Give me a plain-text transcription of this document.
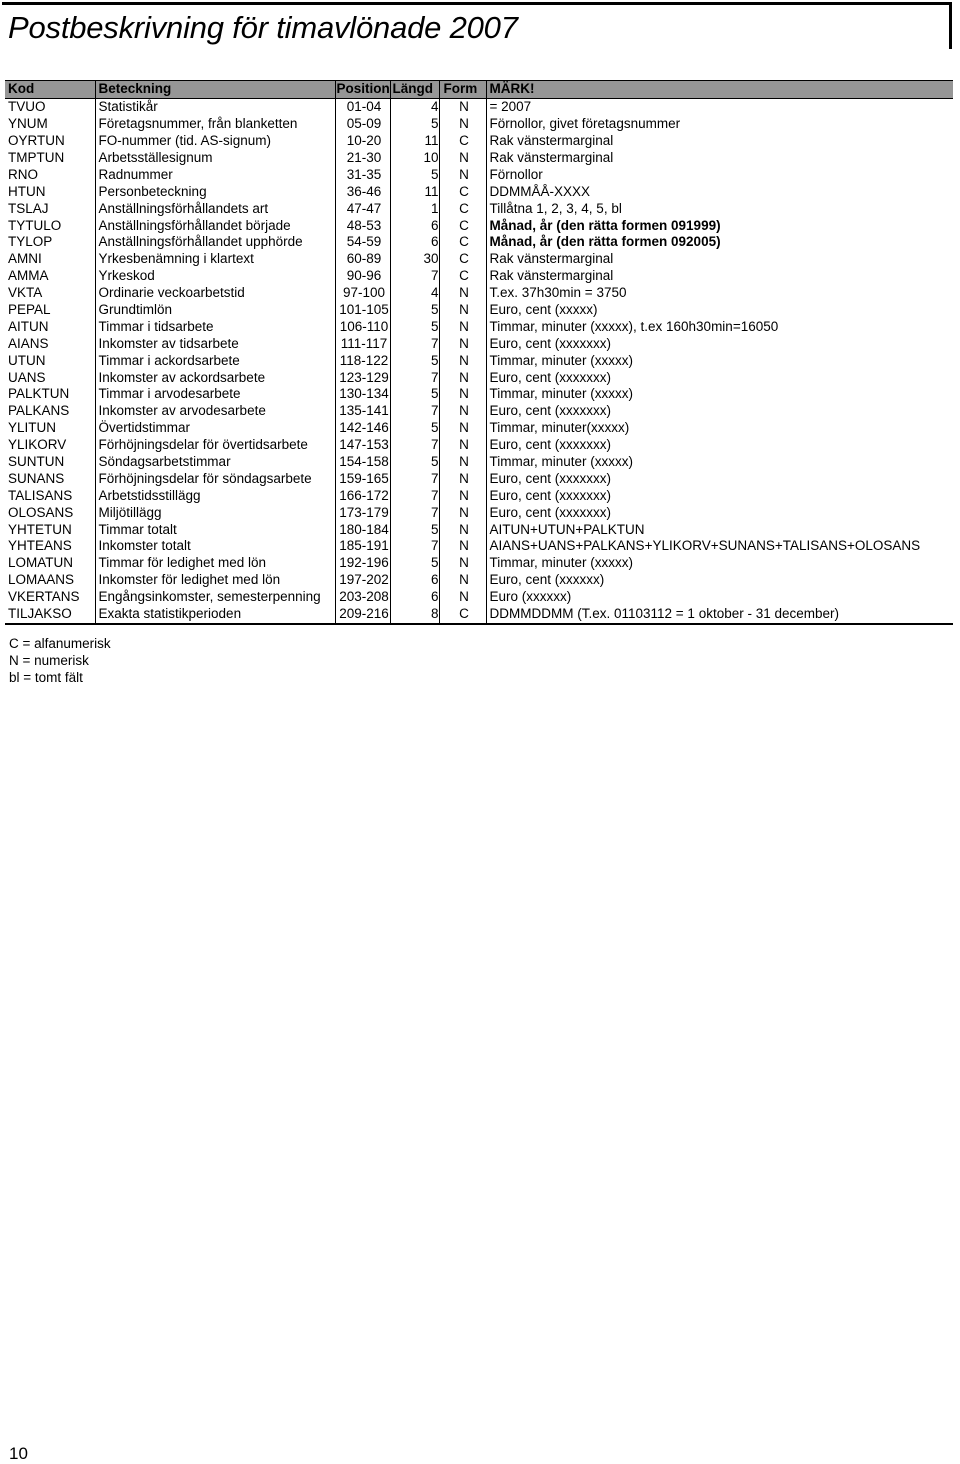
Postbeskrivning för timavlönade 2007
Kod	Beteckning	Position	Längd	Form	MÄRK!
TVUO	Statistikår	01-04	4	N	= 2007
YNUM	Företagsnummer, från blanketten	05-09	5	N	Förnollor, givet företagsnummer
OYRTUN	FO-nummer (tid. AS-signum)	10-20	11	C	Rak vänstermarginal
TMPTUN	Arbetsställesignum	21-30	10	N	Rak vänstermarginal
RNO	Radnummer	31-35	5	N	Förnollor
HTUN	Personbeteckning	36-46	11	C	DDMMÅÅ-XXXX
TSLAJ	Anställningsförhållandets art	47-47	1	C	Tillåtna 1, 2, 3, 4, 5, bl
TYTULO	Anställningsförhållandet började	48-53	6	C	Månad, år (den rätta formen 091999)
TYLOP	Anställningsförhållandet upphörde	54-59	6	C	Månad, år (den rätta formen 092005)
AMNI	Yrkesbenämning i klartext	60-89	30	C	Rak vänstermarginal
AMMA	Yrkeskod	90-96	7	C	Rak vänstermarginal
VKTA	Ordinarie veckoarbetstid	97-100	4	N	T.ex. 37h30min = 3750
PEPAL	Grundtimlön	101-105	5	N	Euro, cent (xxxxx)
AITUN	Timmar i tidsarbete	106-110	5	N	Timmar, minuter (xxxxx), t.ex 160h30min=16050
AIANS	Inkomster av tidsarbete	111-117	7	N	Euro, cent (xxxxxxx)
UTUN	Timmar i ackordsarbete	118-122	5	N	Timmar, minuter (xxxxx)
UANS	Inkomster av ackordsarbete	123-129	7	N	Euro, cent (xxxxxxx)
PALKTUN	Timmar i arvodesarbete	130-134	5	N	Timmar, minuter (xxxxx)
PALKANS	Inkomster av arvodesarbete	135-141	7	N	Euro, cent (xxxxxxx)
YLITUN	Övertidstimmar	142-146	5	N	Timmar, minuter(xxxxx)
YLIKORV	Förhöjningsdelar för övertidsarbete	147-153	7	N	Euro, cent (xxxxxxx)
SUNTUN	Söndagsarbetstimmar	154-158	5	N	Timmar, minuter (xxxxx)
SUNANS	Förhöjningsdelar för söndagsarbete	159-165	7	N	Euro, cent (xxxxxxx)
TALISANS	Arbetstidsstillägg	166-172	7	N	Euro, cent (xxxxxxx)
OLOSANS	Miljötillägg	173-179	7	N	Euro, cent (xxxxxxx)
YHTETUN	Timmar totalt	180-184	5	N	AITUN+UTUN+PALKTUN
YHTEANS	Inkomster totalt	185-191	7	N	AIANS+UANS+PALKANS+YLIKORV+SUNANS+TALISANS+OLOSANS
LOMATUN	Timmar för ledighet med lön	192-196	5	N	Timmar, minuter (xxxxx)
LOMAANS	Inkomster för ledighet med lön	197-202	6	N	Euro, cent (xxxxxx)
VKERTANS	Engångsinkomster, semesterpenning	203-208	6	N	Euro (xxxxxx)
TILJAKSO	Exakta statistikperioden	209-216	8	C	DDMMDDMM (T.ex. 01103112 = 1 oktober - 31 december)
C = alfanumerisk
N = numerisk
bl = tomt fält
10
